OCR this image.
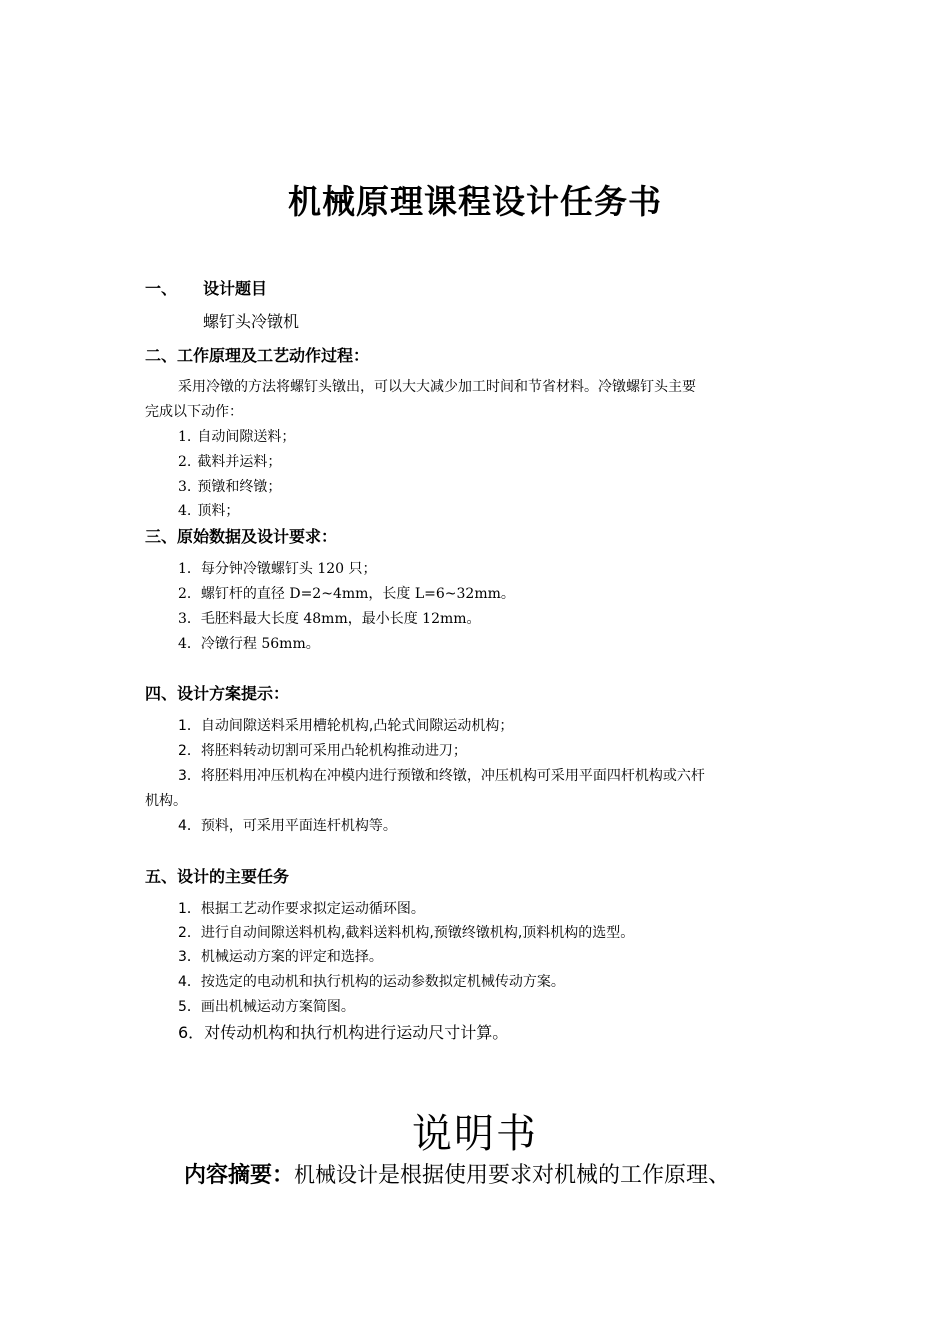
机械原理课程设计任务书
一、 设计题目
螺钉头冷镦机
二、工作原理及工艺动作过程：
采用冷镦的方法将螺钉头镦出，可以大大减少加工时间和节省材料。冷镦螺钉头主要
完成以下动作：
1. 自动间隙送料；
2. 截料并运料；
3. 预镦和终镦；
4. 顶料；
三、原始数据及设计要求：
1．每分钟冷镦螺钉头 120 只；
2．螺钉杆的直径 D=2~4mm，长度 L=6~32mm。
3．毛胚料最大长度 48mm，最小长度 12mm。
4．冷镦行程 56mm。
四、设计方案提示：
1．自动间隙送料采用槽轮机构,凸轮式间隙运动机构；
2．将胚料转动切割可采用凸轮机构推动进刀；
3．将胚料用冲压机构在冲模内进行预镦和终镦，冲压机构可采用平面四杆机构或六杆
机构。
4．预料，可采用平面连杆机构等。
五、设计的主要任务
1．根据工艺动作要求拟定运动循环图。
2．进行自动间隙送料机构,截料送料机构,预镦终镦机构,顶料机构的选型。
3．机械运动方案的评定和选择。
4．按选定的电动机和执行机构的运动参数拟定机械传动方案。
5．画出机械运动方案简图。
6．对传动机构和执行机构进行运动尺寸计算。
说明书
内容摘要：机械设计是根据使用要求对机械的工作原理、
